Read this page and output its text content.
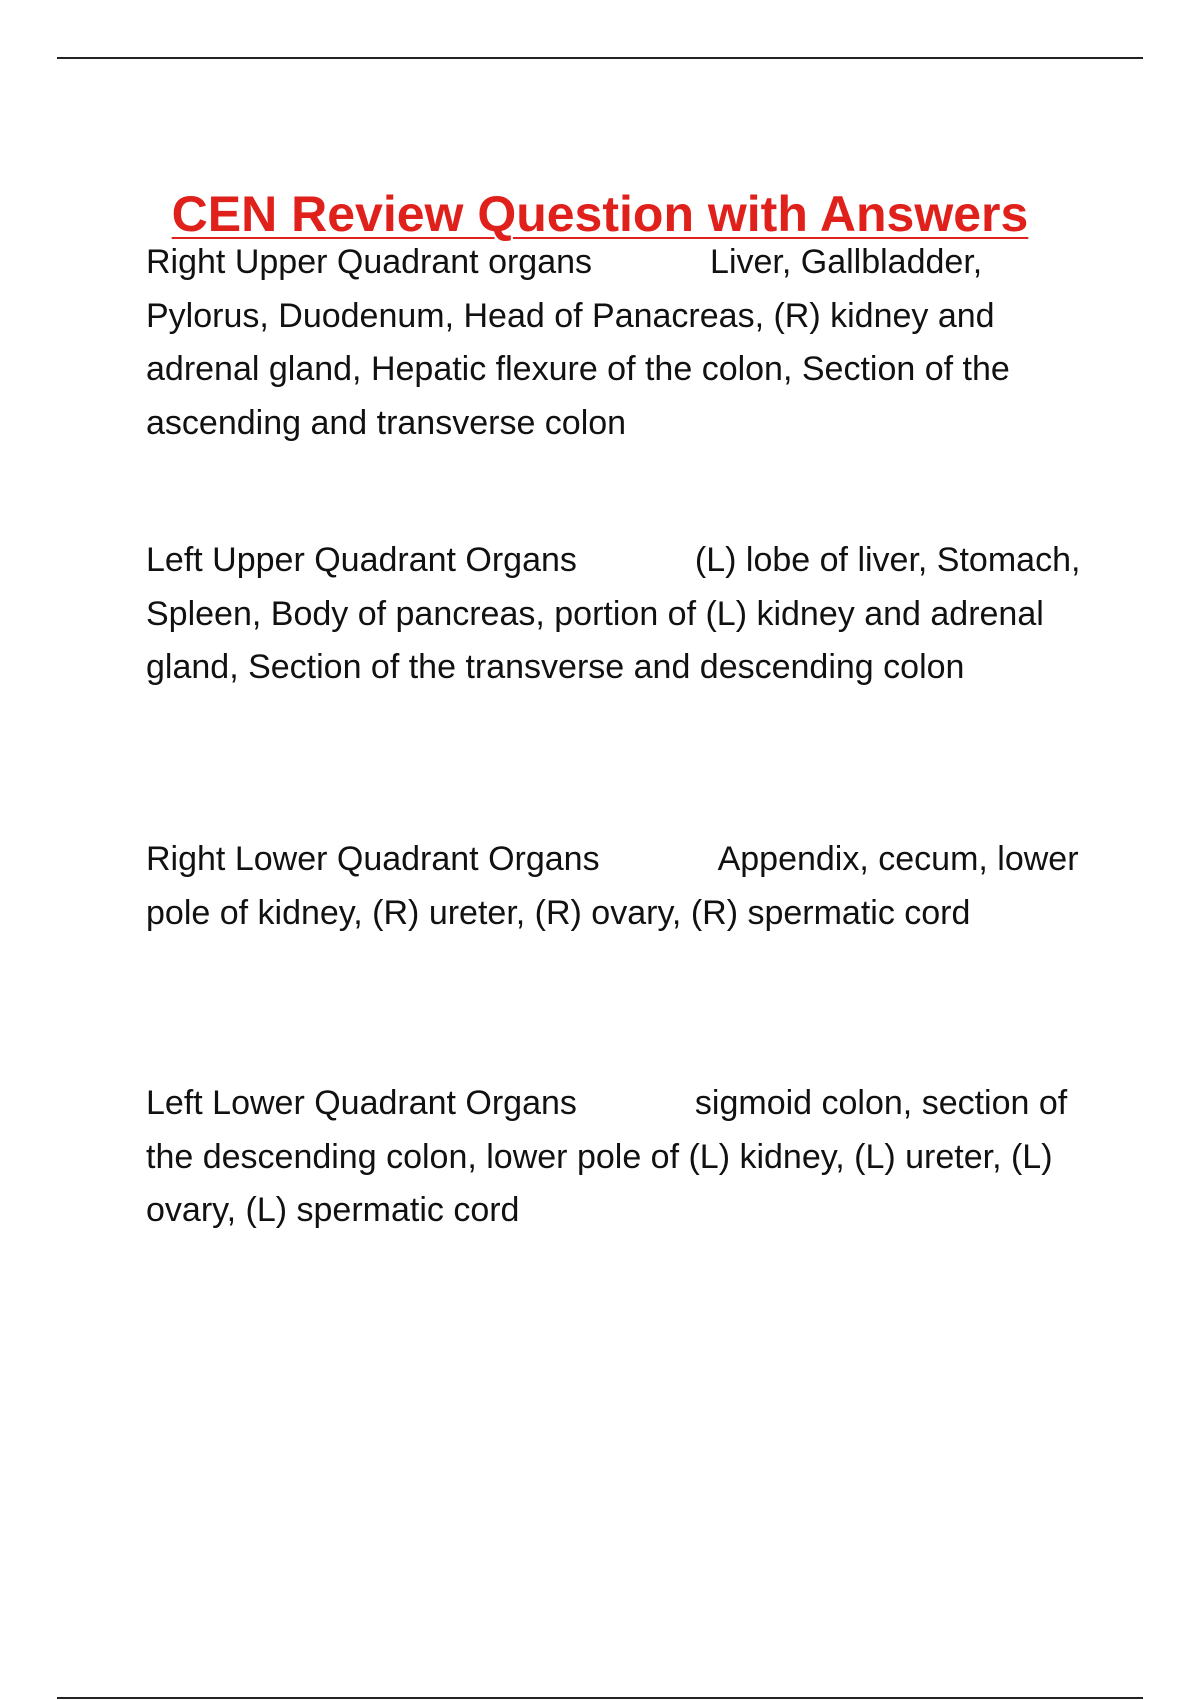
CEN Review Question with Answers
Right Upper Quadrant organs	Liver, Gallbladder, Pylorus, Duodenum, Head of Panacreas, (R) kidney and adrenal gland, Hepatic flexure of the colon, Section of the ascending and transverse colon
Left Upper Quadrant Organs	(L) lobe of liver, Stomach, Spleen, Body of pancreas, portion of (L) kidney and adrenal gland, Section of the transverse and descending colon
Right Lower Quadrant Organs	Appendix, cecum, lower pole of kidney, (R) ureter, (R) ovary, (R) spermatic cord
Left Lower Quadrant Organs	sigmoid colon, section of the descending colon, lower pole of (L) kidney, (L) ureter, (L) ovary, (L) spermatic cord
